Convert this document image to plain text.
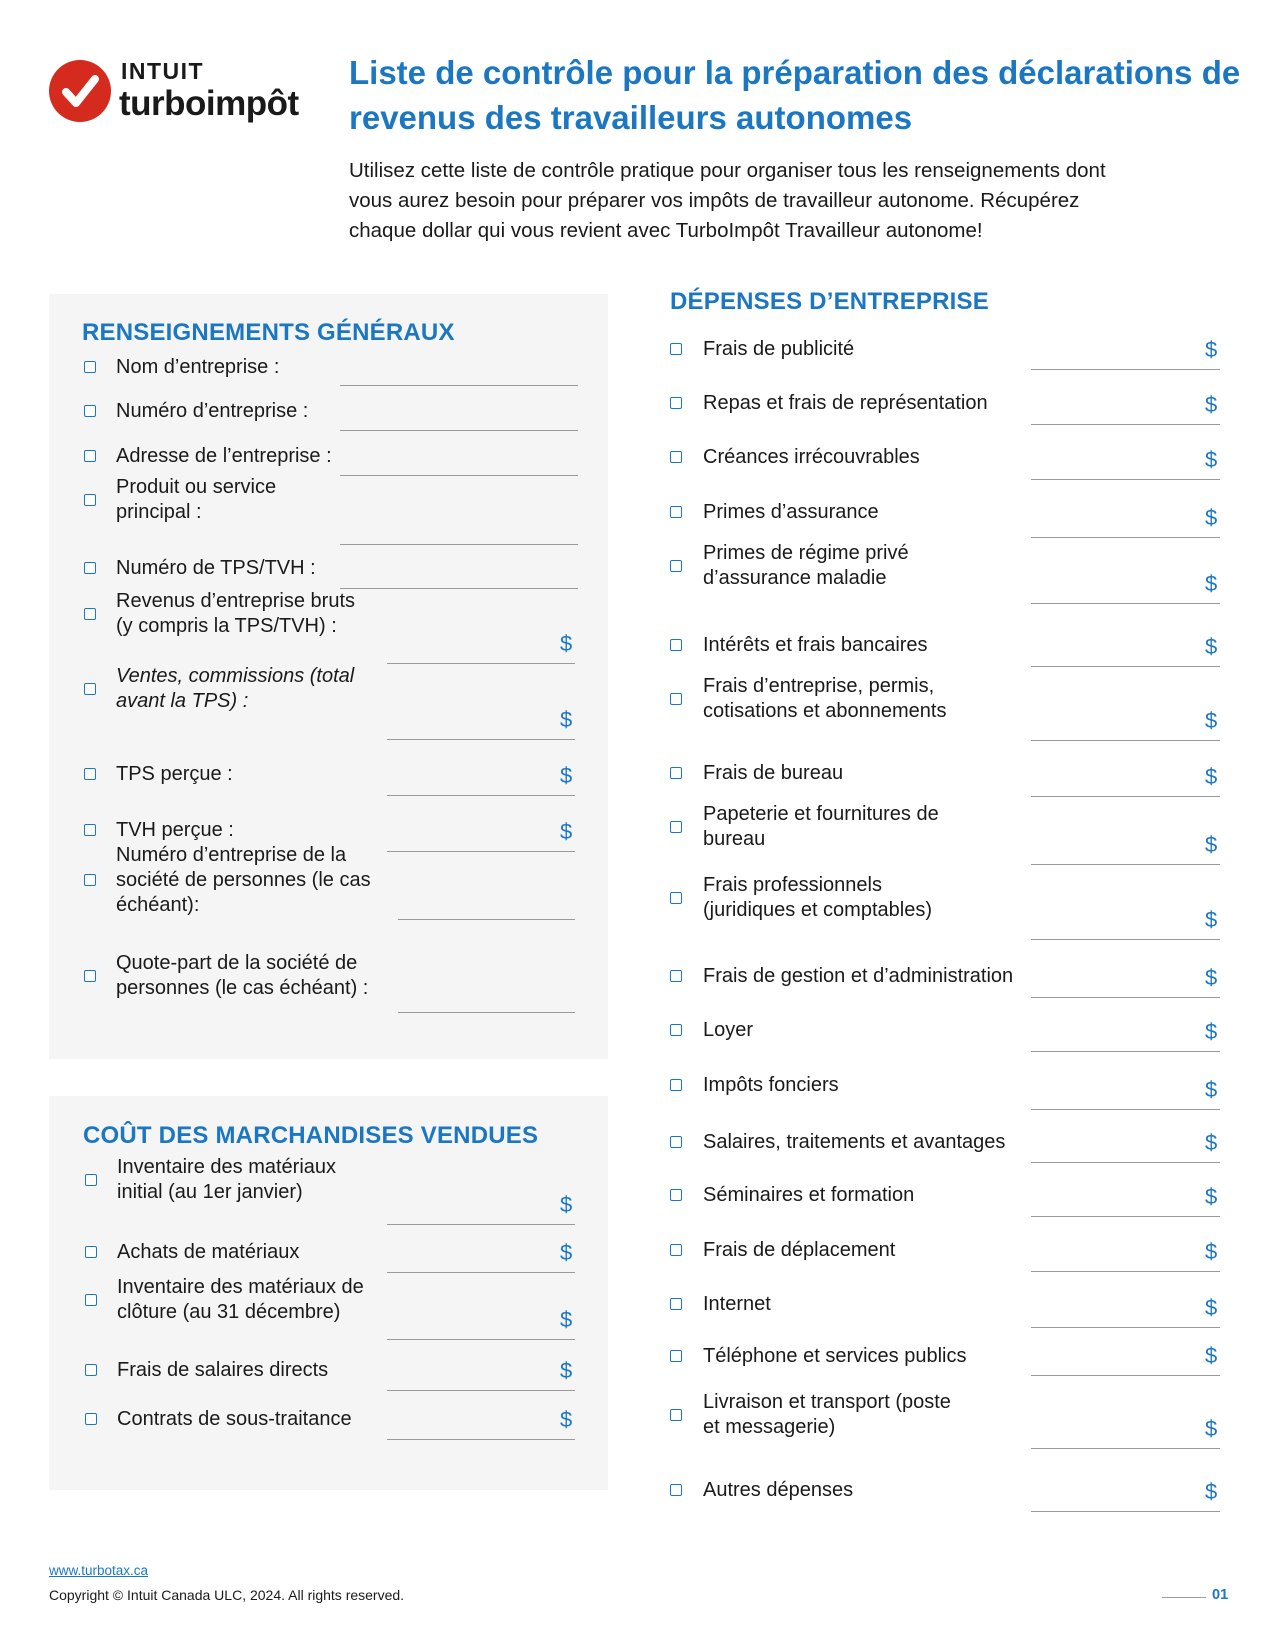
INTUIT
turboimpôt
Liste de contrôle pour la préparation des déclarations de revenus des travailleurs autonomes

Utilisez cette liste de contrôle pratique pour organiser tous les renseignements dont vous aurez besoin pour préparer vos impôts de travailleur autonome. Récupérez chaque dollar qui vous revient avec TurboImpôt Travailleur autonome!

RENSEIGNEMENTS GÉNÉRAUX
COÛT DES MARCHANDISES VENDUES
DÉPENSES D’ENTREPRISE
Nom d’entreprise :
Numéro d’entreprise :
Adresse de l’entreprise :
Produit ou service principal :
Numéro de TPS/TVH :
Revenus d’entreprise bruts (y compris la TPS/TVH) :
$
Ventes, commissions (total avant la TPS) :
$
TPS perçue :	$
TVH perçue :	$
Numéro d’entreprise de la société de personnes (le cas échéant):
Quote-part de la société de personnes (le cas échéant) :
Inventaire des matériaux initial (au 1er janvier)	$
Achats de matériaux	$
Inventaire des matériaux de clôture (au 31 décembre)	$
Frais de salaires directs	$
Contrats de sous-traitance	$
Frais de publicité	$
Repas et frais de représentation	$
Créances irrécouvrables	$
Primes d’assurance	$
Primes de régime privé d’assurance maladie	$
Intérêts et frais bancaires	$
Frais d’entreprise, permis, cotisations et abonnements	$
Frais de bureau	$
Papeterie et fournitures de bureau	$
Frais professionnels (juridiques et comptables)	$
Frais de gestion et d’administration	$
Loyer	$
Impôts fonciers	$
Salaires, traitements et avantages	$
Séminaires et formation	$
Frais de déplacement	$
Internet	$
Téléphone et services publics	$
Livraison et transport (poste et messagerie)	$
Autres dépenses	$
www.turbotax.ca
Copyright © Intuit Canada ULC, 2024. All rights reserved.	01
